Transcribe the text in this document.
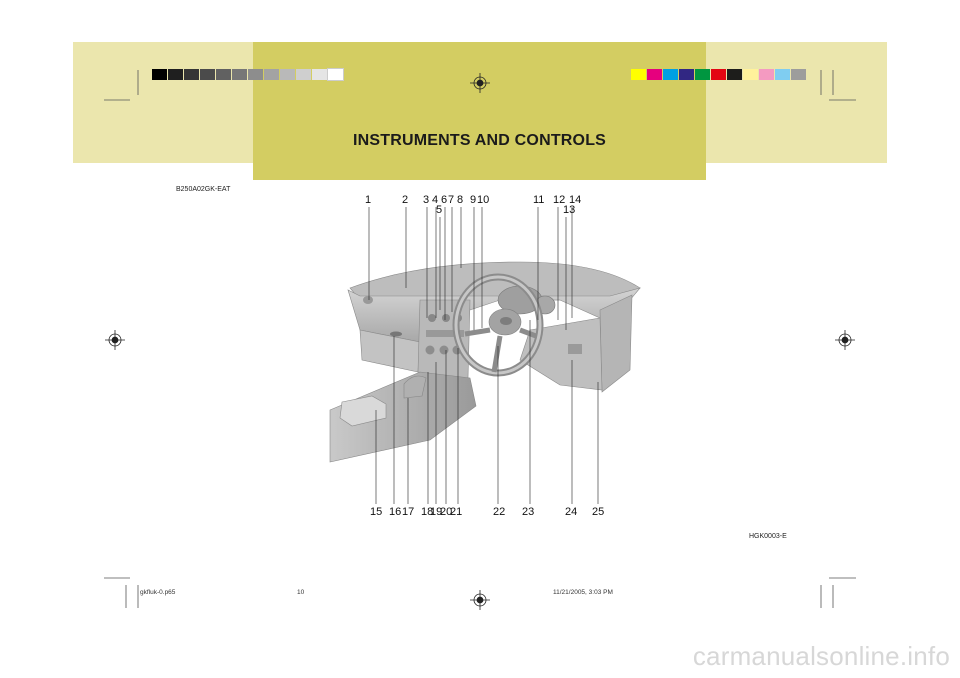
INSTRUMENTS AND CONTROLS
B250A02GK-EAT
1	2 3 4
5
6 7 8 9 10	11 12
13
14
15 16 17 18
19
20
21	22 23	24 25
HGK0003-E
gkfluk-0.p65	10	11/21/2005, 3:03 PM
carmanualsonline.info
